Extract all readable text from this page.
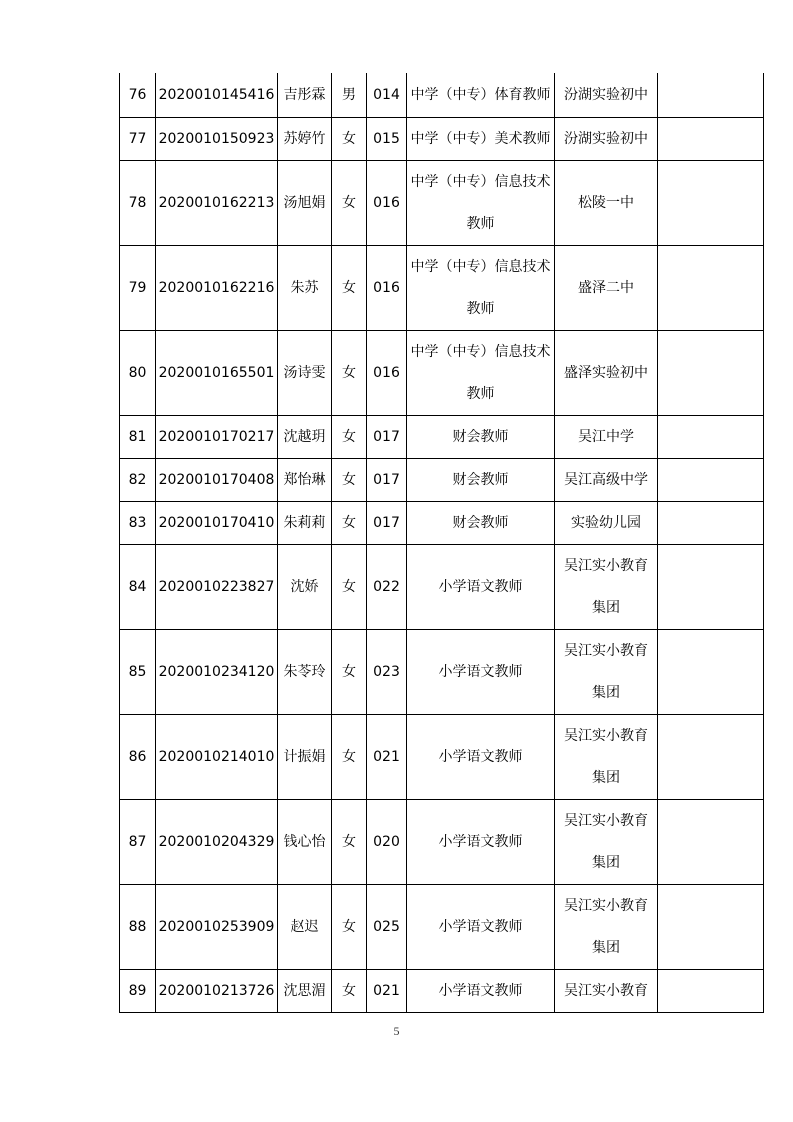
76	2020010145416	吉彤霖	男	014	中学（中专）体育教师	汾湖实验初中	

77	2020010150923	苏婷竹	女	015	中学（中专）美术教师	汾湖实验初中	

78	2020010162213	汤旭娟	女	016	中学（中专）信息技术
教师	松陵一中	

79	2020010162216	朱苏	女	016	中学（中专）信息技术
教师	盛泽二中	

80	2020010165501	汤诗雯	女	016	中学（中专）信息技术
教师	盛泽实验初中	

81	2020010170217	沈越玥	女	017	财会教师	吴江中学	

82	2020010170408	郑怡琳	女	017	财会教师	吴江高级中学	

83	2020010170410	朱莉莉	女	017	财会教师	实验幼儿园	

84	2020010223827	沈娇	女	022	小学语文教师	吴江实小教育
集团	

85	2020010234120	朱苓玲	女	023	小学语文教师	吴江实小教育
集团	

86	2020010214010	计振娟	女	021	小学语文教师	吴江实小教育
集团	

87	2020010204329	钱心怡	女	020	小学语文教师	吴江实小教育
集团	

88	2020010253909	赵迟	女	025	小学语文教师	吴江实小教育
集团	

89	2020010213726	沈思湄	女	021	小学语文教师	吴江实小教育	

5
